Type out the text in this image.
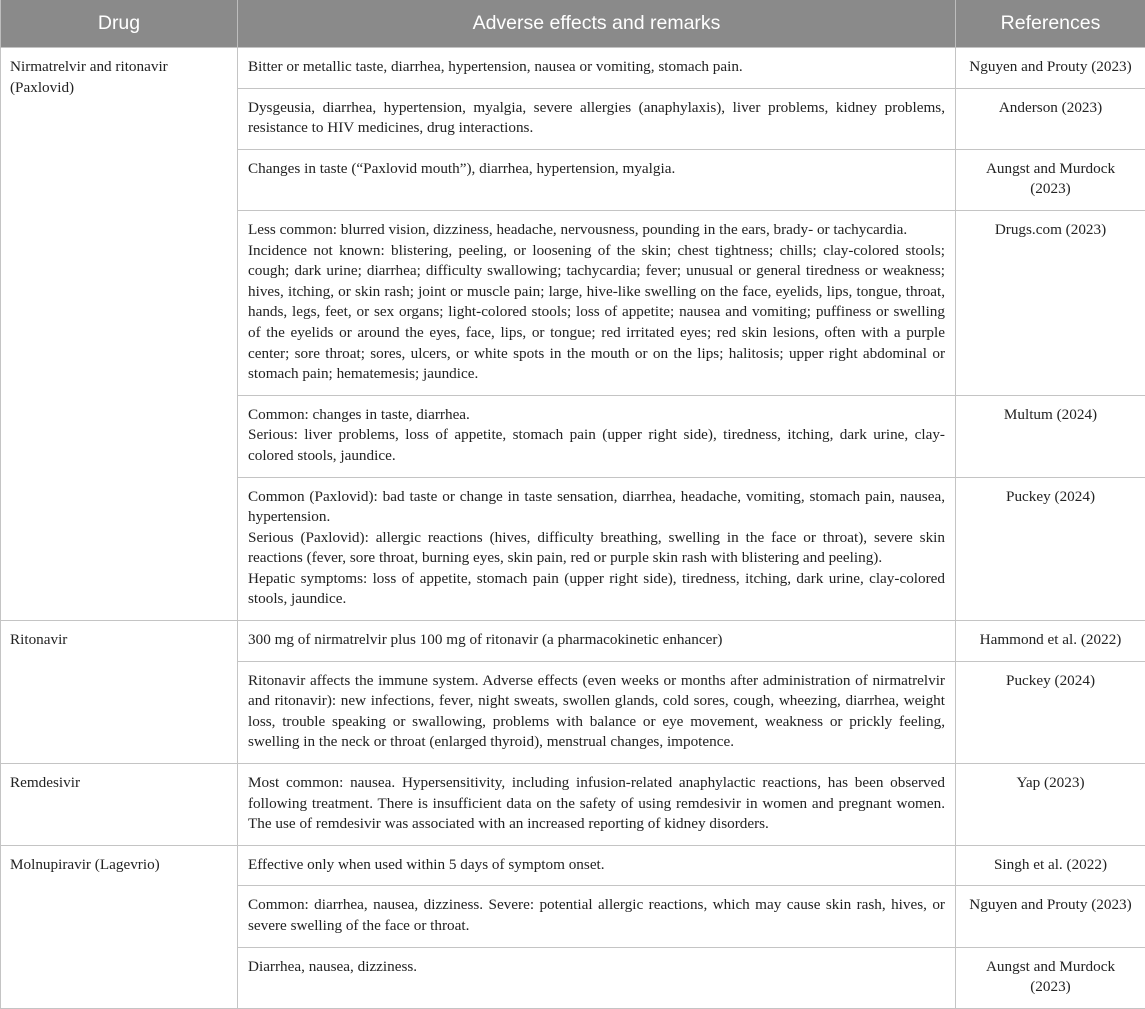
Drug	Adverse effects and remarks	References
Nirmatrelvir and ritonavir (Paxlovid)	Bitter or metallic taste, diarrhea, hypertension, nausea or vomiting, stomach pain.	Nguyen and Prouty (2023)

	Dysgeusia, diarrhea, hypertension, myalgia, severe allergies (anaphylaxis), liver problems, kidney problems, resistance to HIV medicines, drug interactions.	Anderson (2023)

	Changes in taste (“Paxlovid mouth”), diarrhea, hypertension, myalgia.	Aungst and Murdock (2023)

	Less common: blurred vision, dizziness, headache, nervousness, pounding in the ears, brady- or tachycardia.
Incidence not known: blistering, peeling, or loosening of the skin; chest tightness; chills; clay-colored stools; cough; dark urine; diarrhea; difficulty swallowing; tachycardia; fever; unusual or general tiredness or weakness; hives, itching, or skin rash; joint or muscle pain; large, hive-like swelling on the face, eyelids, lips, tongue, throat, hands, legs, feet, or sex organs; light-colored stools; loss of appetite; nausea and vomiting; puffiness or swelling of the eyelids or around the eyes, face, lips, or tongue; red irritated eyes; red skin lesions, often with a purple center; sore throat; sores, ulcers, or white spots in the mouth or on the lips; halitosis; upper right abdominal or stomach pain; hematemesis; jaundice.	Drugs.com (2023)

	Common: changes in taste, diarrhea.
Serious: liver problems, loss of appetite, stomach pain (upper right side), tiredness, itching, dark urine, clay-colored stools, jaundice.	Multum (2024)

	Common (Paxlovid): bad taste or change in taste sensation, diarrhea, headache, vomiting, stomach pain, nausea, hypertension.
Serious (Paxlovid): allergic reactions (hives, difficulty breathing, swelling in the face or throat), severe skin reactions (fever, sore throat, burning eyes, skin pain, red or purple skin rash with blistering and peeling).
Hepatic symptoms: loss of appetite, stomach pain (upper right side), tiredness, itching, dark urine, clay-colored stools, jaundice.	Puckey (2024)
Ritonavir	300 mg of nirmatrelvir plus 100 mg of ritonavir (a pharmacokinetic enhancer)	Hammond et al. (2022)

	Ritonavir affects the immune system. Adverse effects (even weeks or months after administration of nirmatrelvir and ritonavir): new infections, fever, night sweats, swollen glands, cold sores, cough, wheezing, diarrhea, weight loss, trouble speaking or swallowing, problems with balance or eye movement, weakness or prickly feeling, swelling in the neck or throat (enlarged thyroid), menstrual changes, impotence.	Puckey (2024)
Remdesivir	Most common: nausea. Hypersensitivity, including infusion-related anaphylactic reactions, has been observed following treatment. There is insufficient data on the safety of using remdesivir in women and pregnant women. The use of remdesivir was associated with an increased reporting of kidney disorders.	Yap (2023)
Molnupiravir (Lagevrio)	Effective only when used within 5 days of symptom onset.	Singh et al. (2022)

	Common: diarrhea, nausea, dizziness. Severe: potential allergic reactions, which may cause skin rash, hives, or severe swelling of the face or throat.	Nguyen and Prouty (2023)

	Diarrhea, nausea, dizziness.	Aungst and Murdock (2023)
